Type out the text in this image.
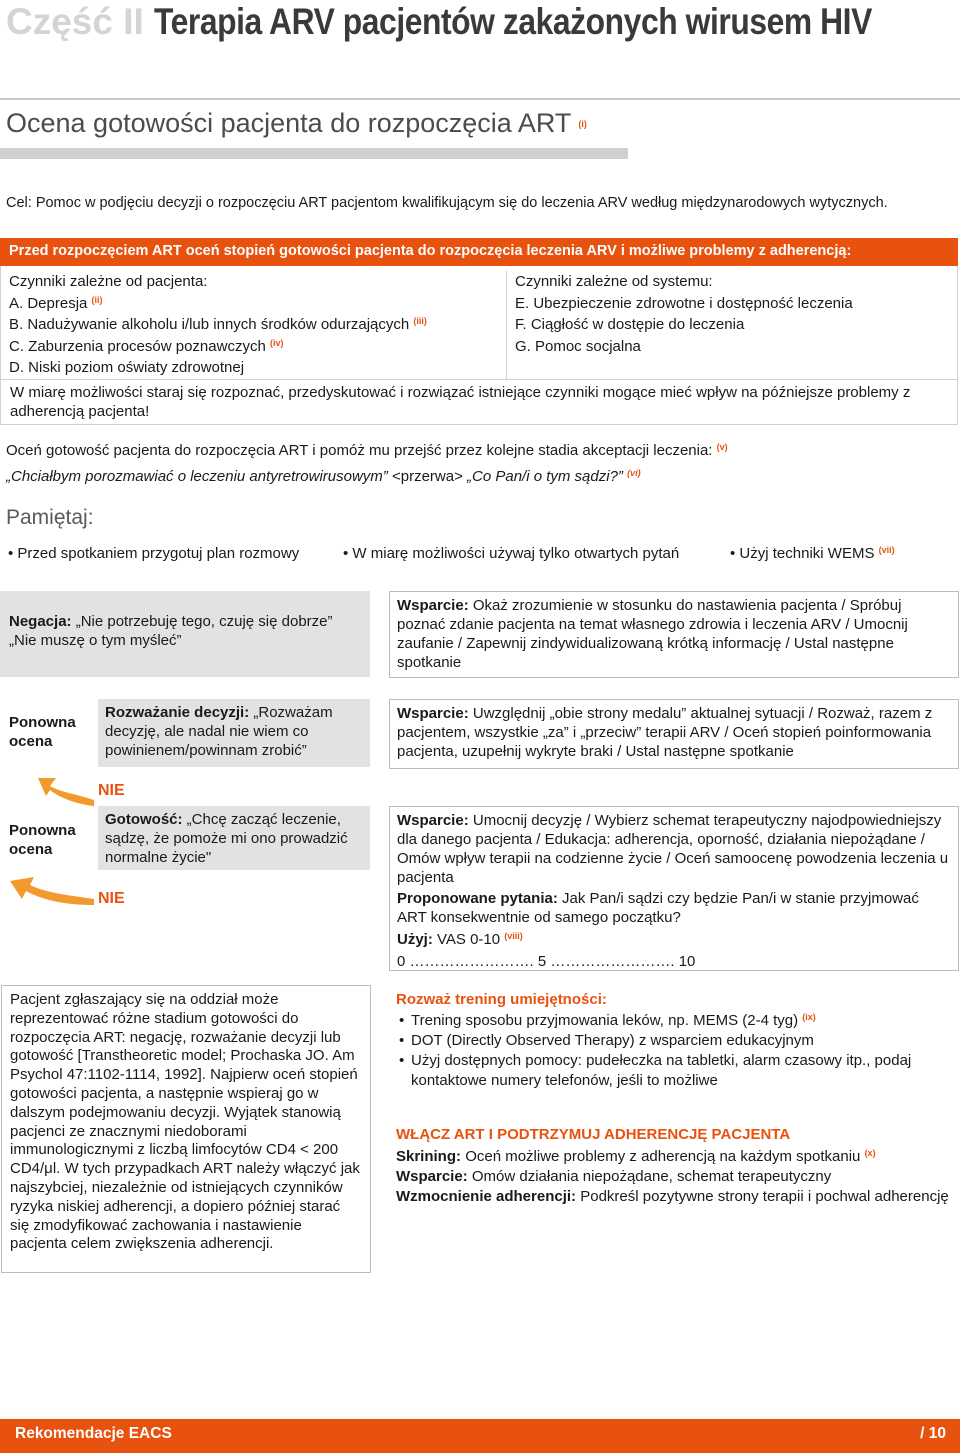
Część II Terapia ARV pacjentów zakażonych wirusem HIV
Ocena gotowości pacjenta do rozpoczęcia ART $^{(i)}$
Cel: Pomoc w podjęciu decyzji o rozpoczęciu ART pacjentom kwalifikującym się do leczenia ARV według międzynarodowych wytycznych.
Przed rozpoczęciem ART oceń stopień gotowości pacjenta do rozpoczęcia leczenia ARV i możliwe problemy z adherencją:
Czynniki zależne od pacjenta:
A. Depresja $^{(ii)}$
B. Nadużywanie alkoholu i/lub innych środków odurzających $^{(iii)}$
C. Zaburzenia procesów poznawczych $^{(iv)}$
D. Niski poziom oświaty zdrowotnej
Czynniki zależne od systemu:
E. Ubezpieczenie zdrowotne i dostępność leczenia
F. Ciągłość w dostępie do leczenia
G. Pomoc socjalna
W miarę możliwości staraj się rozpoznać, przedyskutować i rozwiązać istniejące czynniki mogące mieć wpływ na późniejsze problemy z adherencją pacjenta!
Oceń gotowość pacjenta do rozpoczęcia ART i pomóż mu przejść przez kolejne stadia akceptacji leczenia: $^{(v)}$
„Chciałbym porozmawiać o leczeniu antyretrowirusowym” <przerwa> „Co Pan/i o tym sądzi?” $^{(vi)}$
Pamiętaj:
• Przed spotkaniem przygotuj plan rozmowy	• W miarę możliwości używaj tylko otwartych pytań	• Użyj techniki WEMS $^{(vii)}$
Negacja: „Nie potrzebuję tego, czuję się dobrze” „Nie muszę o tym myśleć”
Wsparcie: Okaż zrozumienie w stosunku do nastawienia pacjenta / Spróbuj poznać zdanie pacjenta na temat własnego zdrowia i leczenia ARV / Umocnij zaufanie / Zapewnij zindywidualizowaną krótką informację / Ustal następne spotkanie
Ponowna ocena
Rozważanie decyzji: „Rozważam decyzję, ale nadal nie wiem co powinienem/powinnam zrobić”
Wsparcie: Uwzględnij „obie strony medalu” aktualnej sytuacji / Rozważ, razem z pacjentem, wszystkie „za” i „przeciw” terapii ARV / Oceń stopień poinformowania pacjenta, uzupełnij wykryte braki / Ustal następne spotkanie
NIE
Ponowna ocena
Gotowość: „Chcę zacząć leczenie, sądzę, że pomoże mi ono prowadzić normalne życie"
Wsparcie: Umocnij decyzję / Wybierz schemat terapeutyczny najodpowiedniejszy dla danego pacjenta / Edukacja: adherencja, oporność, działania niepożądane / Omów wpływ terapii na codzienne życie / Oceń samoocenę powodzenia leczenia u pacjenta
Proponowane pytania: Jak Pan/i sądzi czy będzie Pan/i w stanie przyjmować ART konsekwentnie od samego początku?
Użyj: VAS 0-10 $^{(viii)}$
0 ……………………. 5 ……………………. 10
NIE
Pacjent zgłaszający się na oddział może reprezentować różne stadium gotowości do rozpoczęcia ART: negację, rozważanie decyzji lub gotowość [Transtheoretic model; Prochaska JO. Am Psychol 47:1102-1114, 1992]. Najpierw oceń stopień gotowości pacjenta, a następnie wspieraj go w dalszym podejmowaniu decyzji. Wyjątek stanowią pacjenci ze znacznymi niedoborami immunologicznymi z liczbą limfocytów CD4 < 200 CD4/μl. W tych przypadkach ART należy włączyć jak najszybciej, niezależnie od istniejących czynników ryzyka niskiej adherencji, a dopiero później starać się zmodyfikować zachowania i nastawienie pacjenta celem zwiększenia adherencji.
Rozważ trening umiejętności:
• Trening sposobu przyjmowania leków, np. MEMS (2-4 tyg) $^{(ix)}$
• DOT (Directly Observed Therapy) z wsparciem edukacyjnym
• Użyj dostępnych pomocy: pudełeczka na tabletki, alarm czasowy itp., podaj kontaktowe numery telefonów, jeśli to możliwe
WŁĄCZ ART I PODTRZYMUJ ADHERENCJĘ PACJENTA
Skrining: Oceń możliwe problemy z adherencją na każdym spotkaniu $^{(x)}$
Wsparcie: Omów działania niepożądane, schemat terapeutyczny
Wzmocnienie adherencji: Podkreśl pozytywne strony terapii i pochwal adherencję
Rekomendacje EACS	/ 10
